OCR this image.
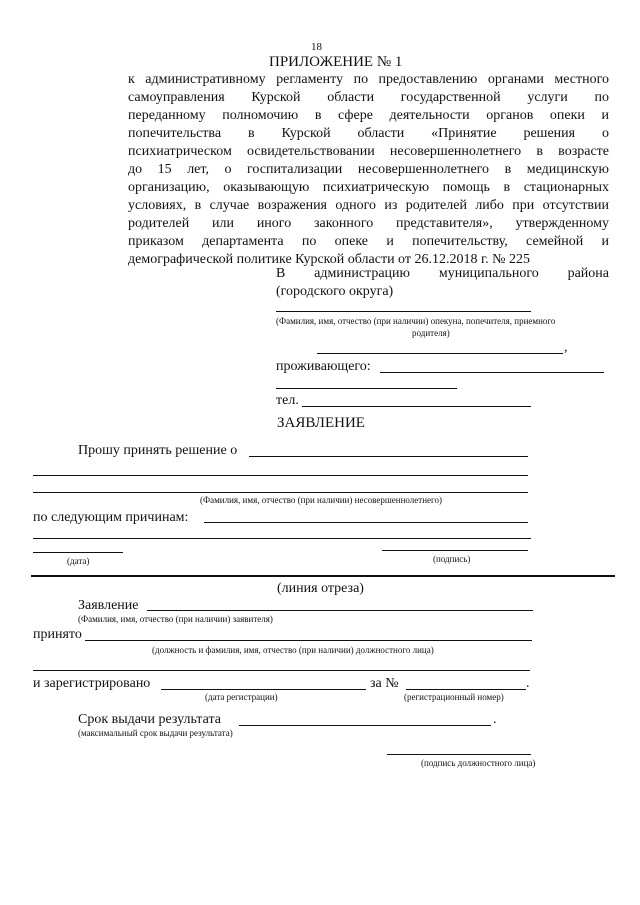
18
ПРИЛОЖЕНИЕ № 1
к административному регламенту по предоставлению органами местного
самоуправления Курской области государственной услуги по
переданному полномочию в сфере деятельности органов опеки и
попечительства в Курской области «Принятие решения о
психиатрическом освидетельствовании несовершеннолетнего в возрасте
до 15 лет, о госпитализации несовершеннолетнего в медицинскую
организацию, оказывающую психиатрическую помощь в стационарных
условиях, в случае возражения одного из родителей либо при отсутствии
родителей или иного законного представителя», утвержденному
приказом департамента по опеке и попечительству, семейной и
демографической политике Курской области от 26.12.2018 г. № 225
В администрацию муниципального района
(городского округа)
(Фамилия, имя, отчество (при наличии) опекуна, попечителя, приемного
родителя)
,
проживающего:
тел.
ЗАЯВЛЕНИЕ
Прошу принять решение о
(Фамилия, имя, отчество (при наличии) несовершеннолетнего)
по следующим причинам:
(дата)	(подпись)
(линия отреза)
Заявление
(Фамилия, имя, отчество (при наличии) заявителя)
принято
(должность и фамилия, имя, отчество (при наличии) должностного лица)
и зарегистрировано
(дата регистрации)
за №	.
(регистрационный номер)
Срок выдачи результата	.
(максимальный срок выдачи результата)
(подпись должностного лица)
